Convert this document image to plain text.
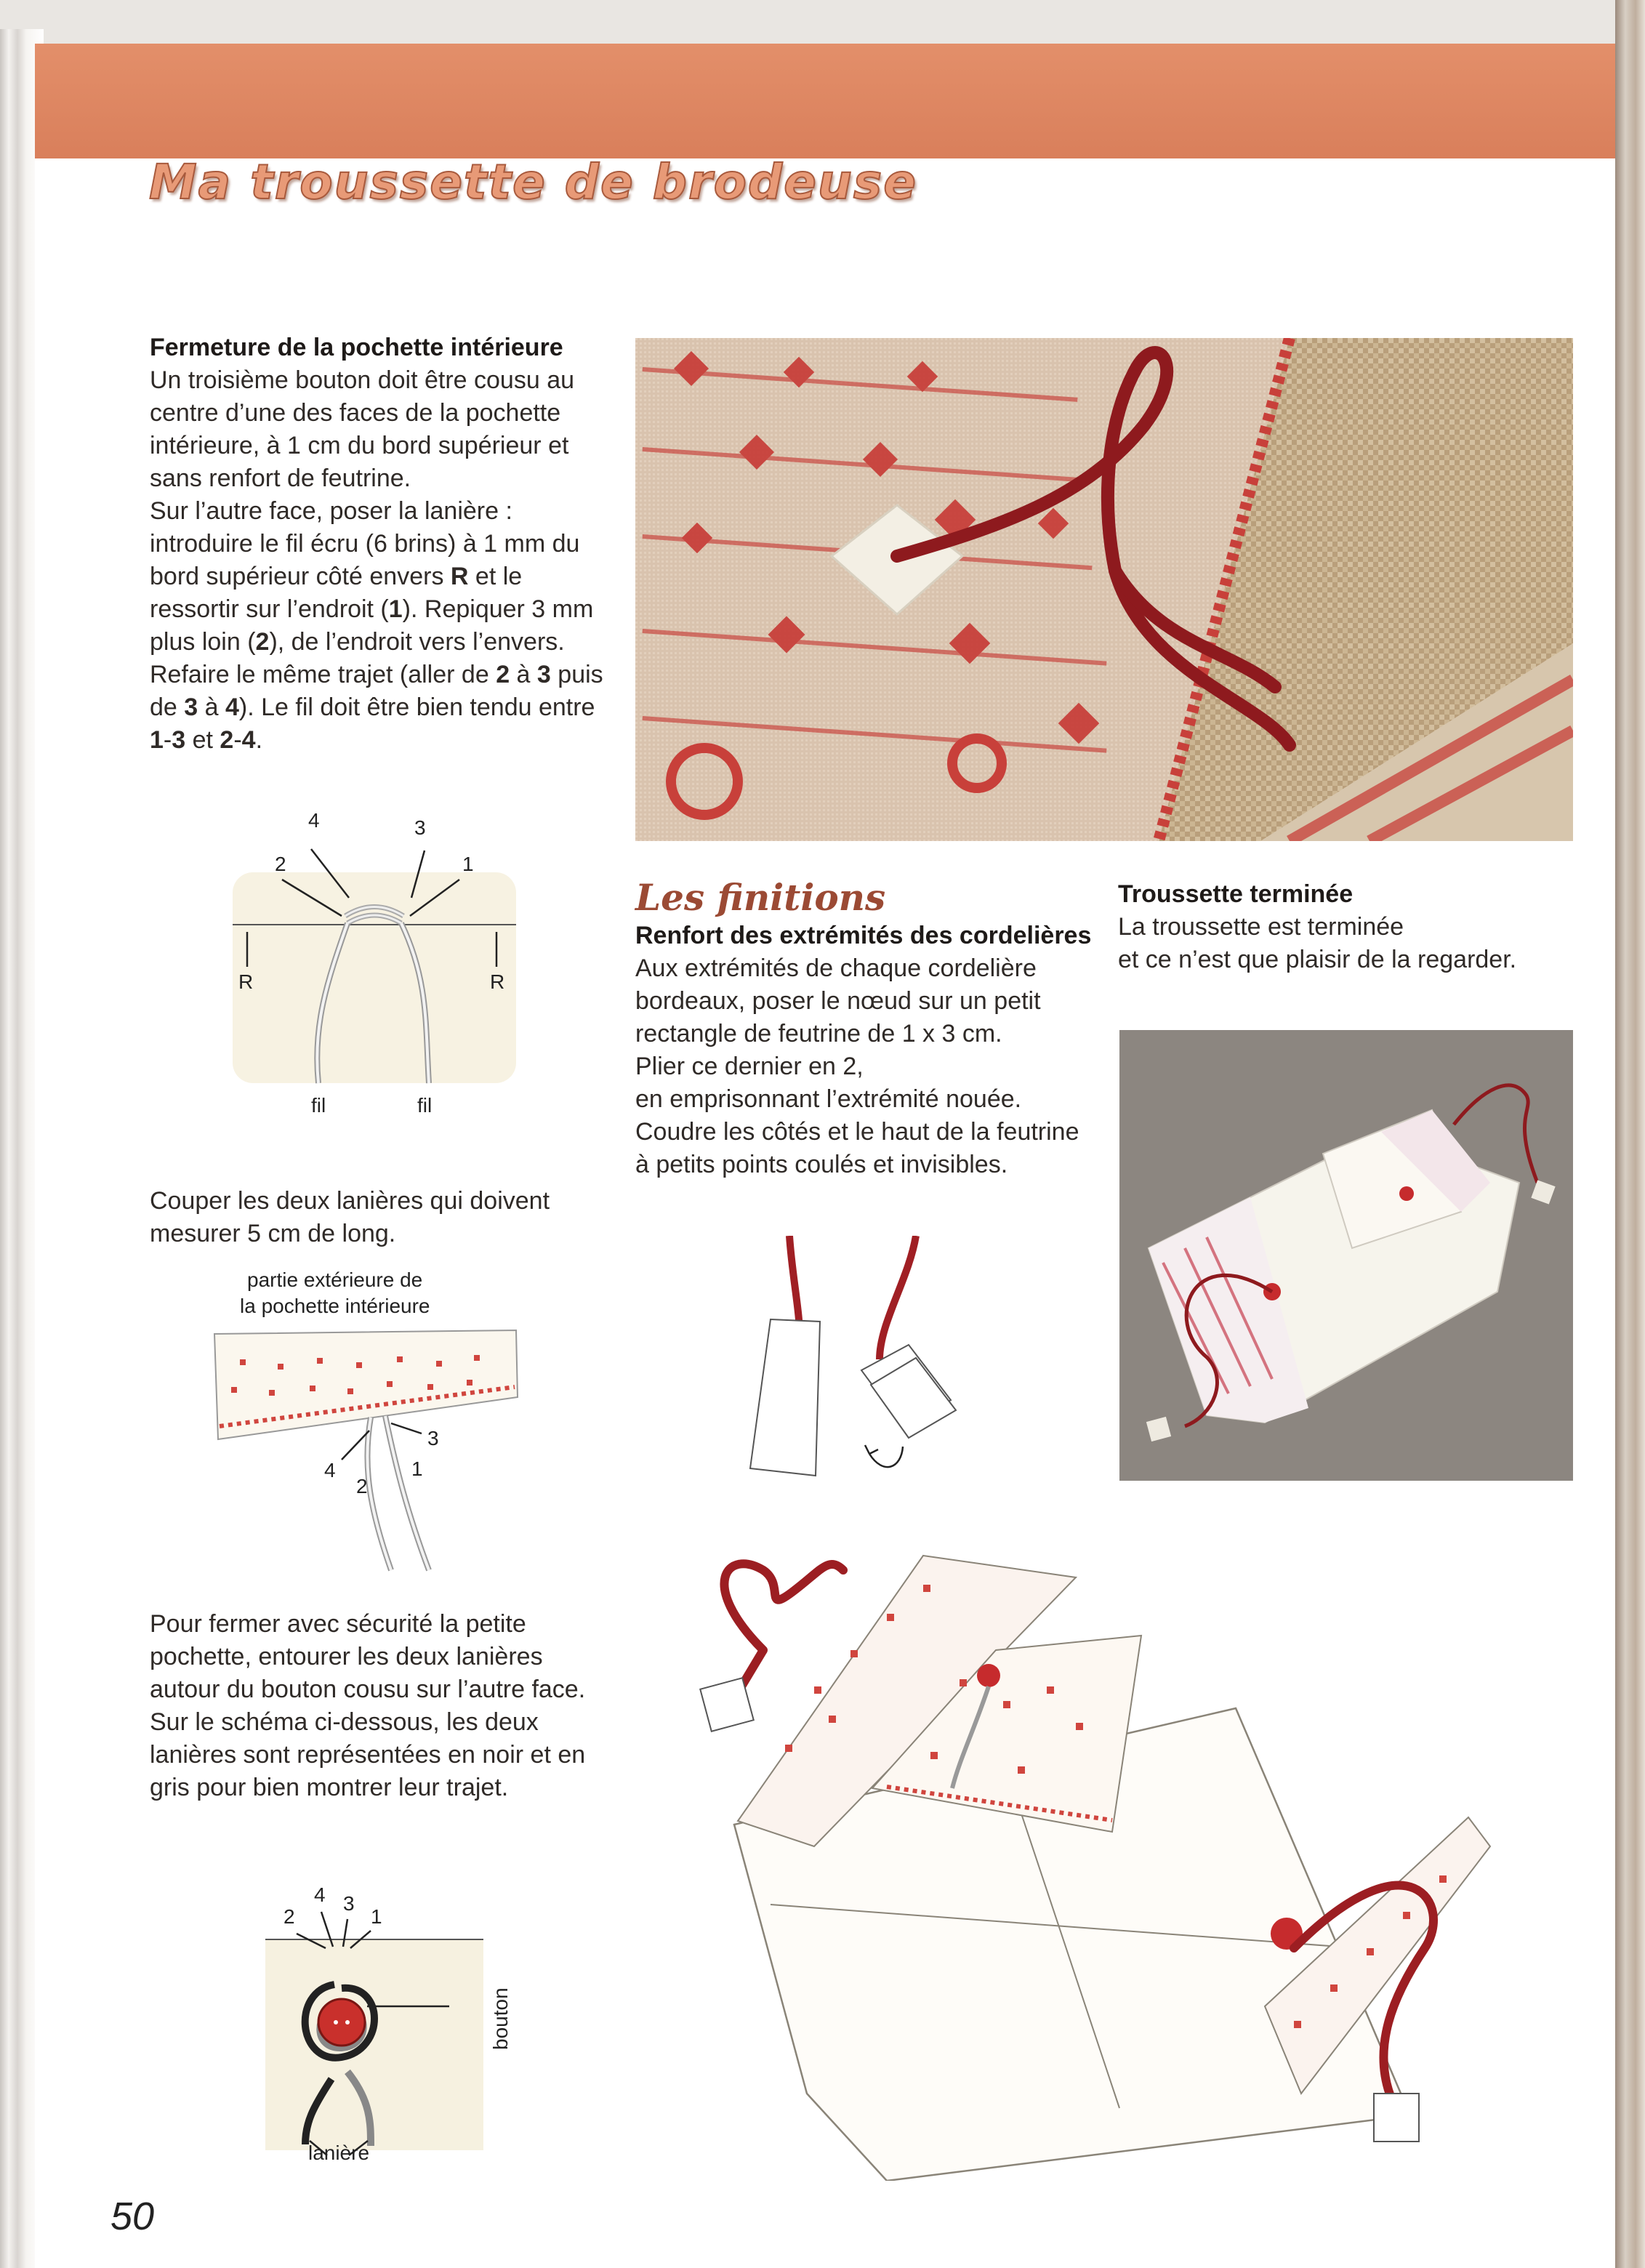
Ma troussette de brodeuse
Fermeture de la pochette intérieure

Un troisième bouton doit être cousu au centre d’une des faces de la pochette intérieure, à 1 cm du bord supérieur et sans renfort de feutrine.
Sur l’autre face, poser la lanière : introduire le fil écru (6 brins) à 1 mm du bord supérieur côté envers R et le ressortir sur l’endroit (1). Repiquer 3 mm plus loin (2), de l’endroit vers l’envers. Refaire le même trajet (aller de 2 à 3 puis de 3 à 4). Le fil doit être bien tendu entre 1-3 et 2-4.

4	3
2	1
R	R
fil	fil

Couper les deux lanières qui doivent mesurer 5 cm de long.

partie extérieure de
la pochette intérieure
3
4	1
2

Pour fermer avec sécurité la petite pochette, entourer les deux lanières autour du bouton cousu sur l’autre face.

Sur le schéma ci-dessous, les deux lanières sont représentées en noir et en gris pour bien montrer leur trajet.

4 3
2	1
bouton
lanière

Les finitions

Renfort des extrémités des cordelières

Aux extrémités de chaque cordelière

bordeaux, poser le nœud sur un petit

rectangle de feutrine de 1 x 3 cm.

Plier ce dernier en 2,

en emprisonnant l’extrémité nouée.

Coudre les côtés et le haut de la feutrine

à petits points coulés et invisibles.

Troussette terminée

La troussette est terminée

et ce n’est que plaisir de la regarder.

50
